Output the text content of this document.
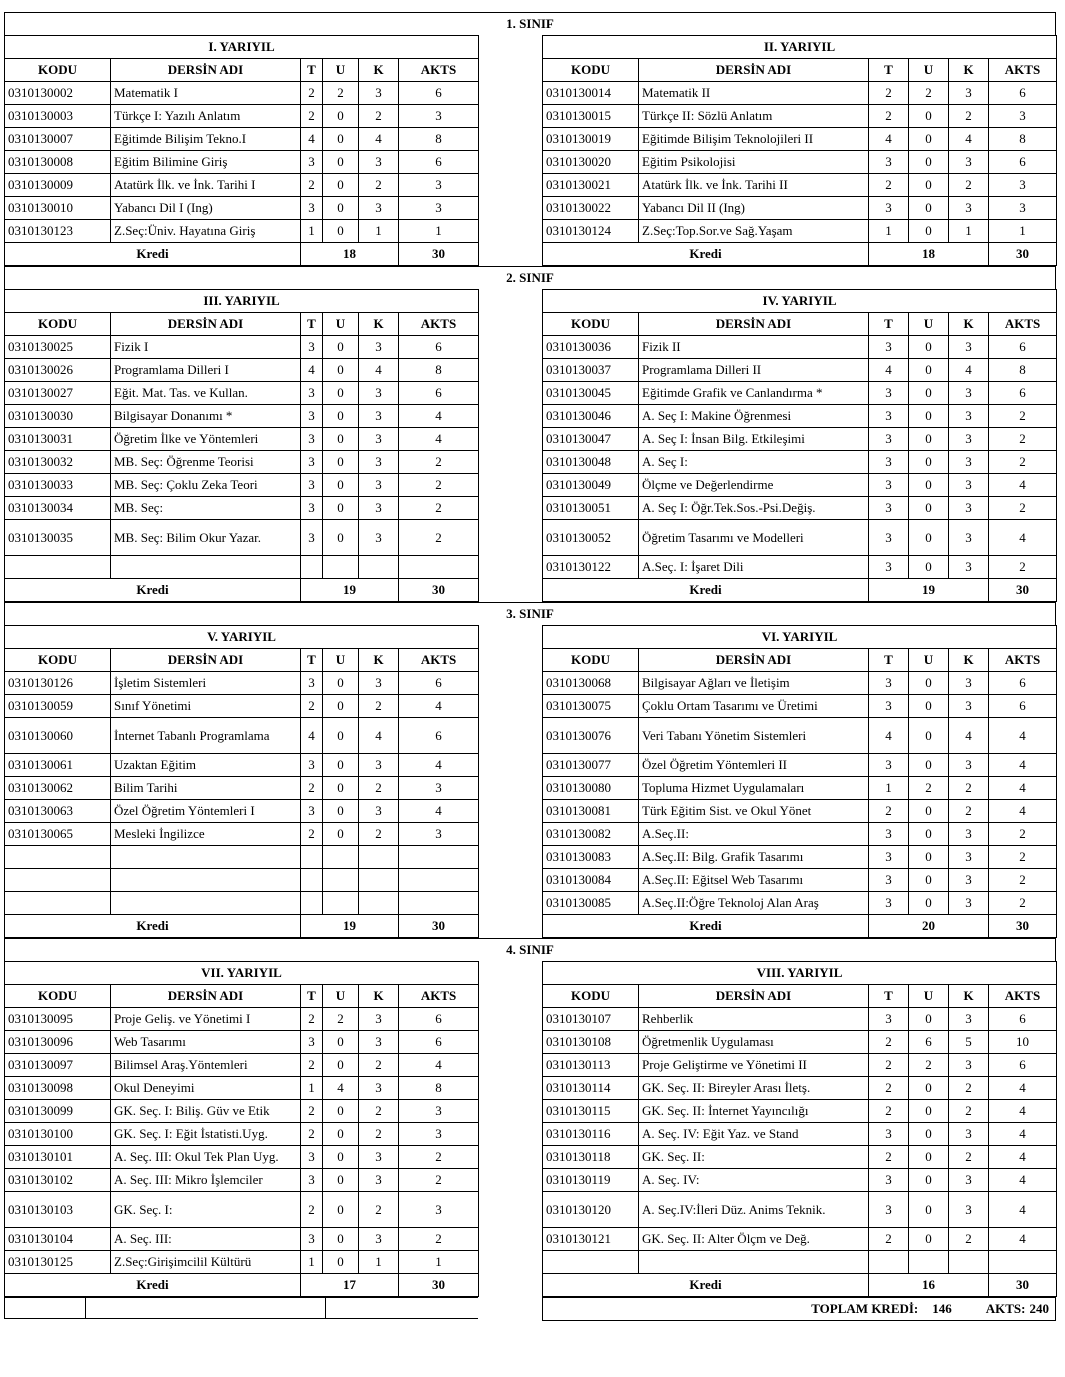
1. SINIF
I. YARIYIL					
KODU	DERSİN ADI	T	U	K	AKTS
0310130002	Matematik I	2	2	3	6
0310130003	Türkçe I: Yazılı Anlatım	2	0	2	3
0310130007	Eğitimde Bilişim Tekno.I	4	0	4	8
0310130008	Eğitim Bilimine Giriş	3	0	3	6
0310130009	Atatürk İlk. ve İnk. Tarihi I	2	0	2	3
0310130010	Yabancı Dil I (Ing)	3	0	3	3
0310130123	Z.Seç:Üniv. Hayatına Giriş	1	0	1	1
Kredi		18			30
II. YARIYIL					
KODU	DERSİN ADI	T	U	K	AKTS
0310130014	Matematik II	2	2	3	6
0310130015	Türkçe II: Sözlü Anlatım	2	0	2	3
0310130019	Eğitimde Bilişim Teknolojileri II	4	0	4	8
0310130020	Eğitim Psikolojisi	3	0	3	6
0310130021	Atatürk İlk. ve İnk. Tarihi II	2	0	2	3
0310130022	Yabancı Dil II (Ing)	3	0	3	3
0310130124	Z.Seç:Top.Sor.ve Sağ.Yaşam	1	0	1	1
Kredi		18			30
2. SINIF
III. YARIYIL					
KODU	DERSİN ADI	T	U	K	AKTS
0310130025	Fizik I	3	0	3	6
0310130026	Programlama Dilleri I	4	0	4	8
0310130027	Eğit. Mat. Tas. ve Kullan.	3	0	3	6
0310130030	Bilgisayar Donanımı *	3	0	3	4
0310130031	Öğretim İlke ve Yöntemleri	3	0	3	4
0310130032	MB. Seç: Öğrenme Teorisi	3	0	3	2
0310130033	MB. Seç: Çoklu Zeka Teori	3	0	3	2
0310130034	MB. Seç:	3	0	3	2
0310130035	MB. Seç: Bilim Okur Yazar.	3	0	3	2

Kredi		19			30
IV. YARIYIL					
KODU	DERSİN ADI	T	U	K	AKTS
0310130036	Fizik II	3	0	3	6
0310130037	Programlama Dilleri II	4	0	4	8
0310130045	Eğitimde Grafik ve Canlandırma *	3	0	3	6
0310130046	A. Seç I: Makine Öğrenmesi	3	0	3	2
0310130047	A. Seç I: İnsan Bilg. Etkileşimi	3	0	3	2
0310130048	A. Seç I:	3	0	3	2
0310130049	Ölçme ve Değerlendirme	3	0	3	4
0310130051	A. Seç I: Öğr.Tek.Sos.-Psi.Değiş.	3	0	3	2
0310130052	Öğretim Tasarımı ve Modelleri	3	0	3	4
0310130122	A.Seç. I: İşaret Dili	3	0	3	2
Kredi		19			30
3. SINIF
V. YARIYIL					
KODU	DERSİN ADI	T	U	K	AKTS
0310130126	İşletim Sistemleri	3	0	3	6
0310130059	Sınıf Yönetimi	2	0	2	4
0310130060	İnternet Tabanlı Programlama	4	0	4	6
0310130061	Uzaktan Eğitim	3	0	3	4
0310130062	Bilim Tarihi	2	0	2	3
0310130063	Özel Öğretim Yöntemleri I	3	0	3	4
0310130065	Mesleki İngilizce	2	0	2	3

Kredi		19			30
VI. YARIYIL					
KODU	DERSİN ADI	T	U	K	AKTS
0310130068	Bilgisayar Ağları ve İletişim	3	0	3	6
0310130075	Çoklu Ortam Tasarımı ve Üretimi	3	0	3	6
0310130076	Veri Tabanı Yönetim Sistemleri	4	0	4	4
0310130077	Özel Öğretim Yöntemleri II	3	0	3	4
0310130080	Topluma Hizmet Uygulamaları	1	2	2	4
0310130081	Türk Eğitim Sist. ve Okul Yönet	2	0	2	4
0310130082	A.Seç.II:	3	0	3	2
0310130083	A.Seç.II: Bilg. Grafik Tasarımı	3	0	3	2
0310130084	A.Seç.II: Eğitsel Web Tasarımı	3	0	3	2
0310130085	A.Seç.II:Öğre Teknoloj Alan Araş	3	0	3	2
Kredi		20			30
4. SINIF
VII. YARIYIL					
KODU	DERSİN ADI	T	U	K	AKTS
0310130095	Proje Geliş. ve Yönetimi I	2	2	3	6
0310130096	Web Tasarımı	3	0	3	6
0310130097	Bilimsel Araş.Yöntemleri	2	0	2	4
0310130098	Okul Deneyimi	1	4	3	8
0310130099	GK. Seç. I: Biliş. Güv ve Etik	2	0	2	3
0310130100	GK. Seç. I: Eğit İstatisti.Uyg.	2	0	2	3
0310130101	A. Seç. III: Okul Tek Plan Uyg.	3	0	3	2
0310130102	A. Seç. III: Mikro İşlemciler	3	0	3	2
0310130103	GK. Seç. I:	2	0	2	3
0310130104	A. Seç. III:	3	0	3	2
0310130125	Z.Seç:Girişimcilil Kültürü	1	0	1	1
Kredi		17			30
VIII. YARIYIL					
KODU	DERSİN ADI	T	U	K	AKTS
0310130107	Rehberlik	3	0	3	6
0310130108	Öğretmenlik Uygulaması	2	6	5	10
0310130113	Proje Geliştirme ve Yönetimi II	2	2	3	6
0310130114	GK. Seç. II: Bireyler Arası İletş.	2	0	2	4
0310130115	GK. Seç. II: İnternet Yayıncılığı	2	0	2	4
0310130116	A. Seç. IV: Eğit Yaz. ve Stand	3	0	3	4
0310130118	GK. Seç. II:	2	0	2	4
0310130119	A. Seç. IV:	3	0	3	4
0310130120	A. Seç.IV:İleri Düz. Anims Teknik.	3	0	3	4
0310130121	GK. Seç. II: Alter Ölçm ve Değ.	2	0	2	4

Kredi		16			30
TOPLAM KREDİ: 146	AKTS: 240
